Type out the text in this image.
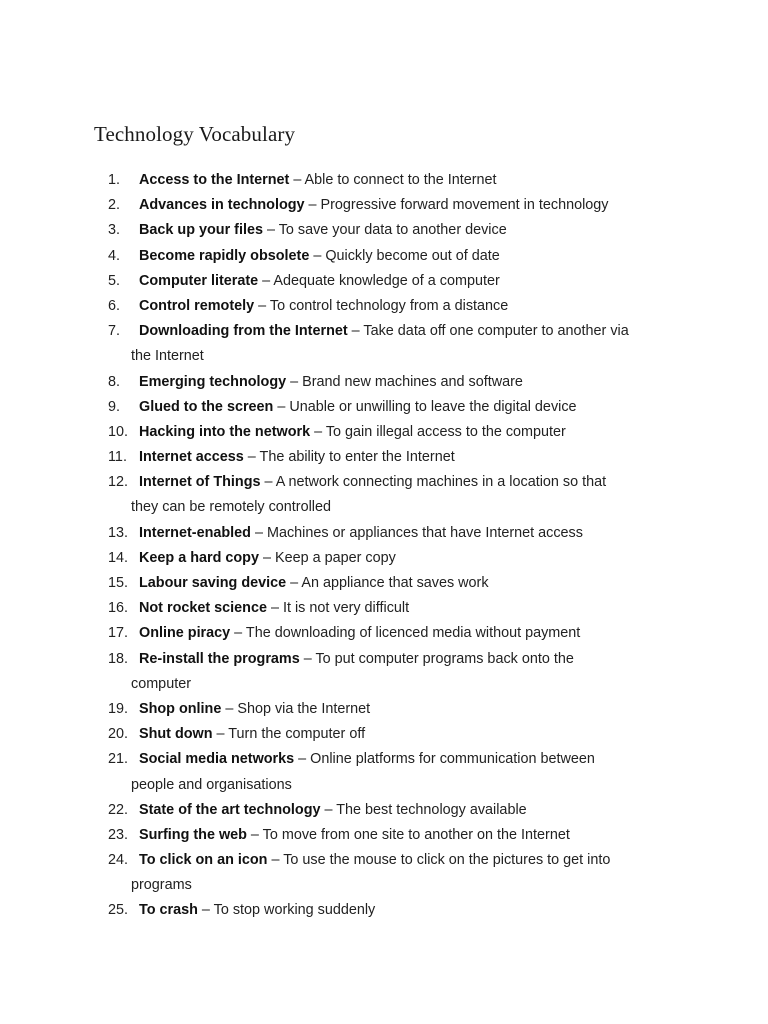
Technology Vocabulary
1. Access to the Internet – Able to connect to the Internet
2. Advances in technology – Progressive forward movement in technology
3. Back up your files – To save your data to another device
4. Become rapidly obsolete – Quickly become out of date
5. Computer literate – Adequate knowledge of a computer
6. Control remotely – To control technology from a distance
7. Downloading from the Internet – Take data off one computer to another via
the Internet
8. Emerging technology – Brand new machines and software
9. Glued to the screen – Unable or unwilling to leave the digital device
10. Hacking into the network – To gain illegal access to the computer
11. Internet access – The ability to enter the Internet
12. Internet of Things – A network connecting machines in a location so that
they can be remotely controlled
13. Internet-enabled – Machines or appliances that have Internet access
14. Keep a hard copy – Keep a paper copy
15. Labour saving device – An appliance that saves work
16. Not rocket science – It is not very difficult
17. Online piracy – The downloading of licenced media without payment
18. Re-install the programs – To put computer programs back onto the
computer
19. Shop online – Shop via the Internet
20. Shut down – Turn the computer off
21. Social media networks – Online platforms for communication between
people and organisations
22. State of the art technology – The best technology available
23. Surfing the web – To move from one site to another on the Internet
24. To click on an icon – To use the mouse to click on the pictures to get into
programs
25. To crash – To stop working suddenly
